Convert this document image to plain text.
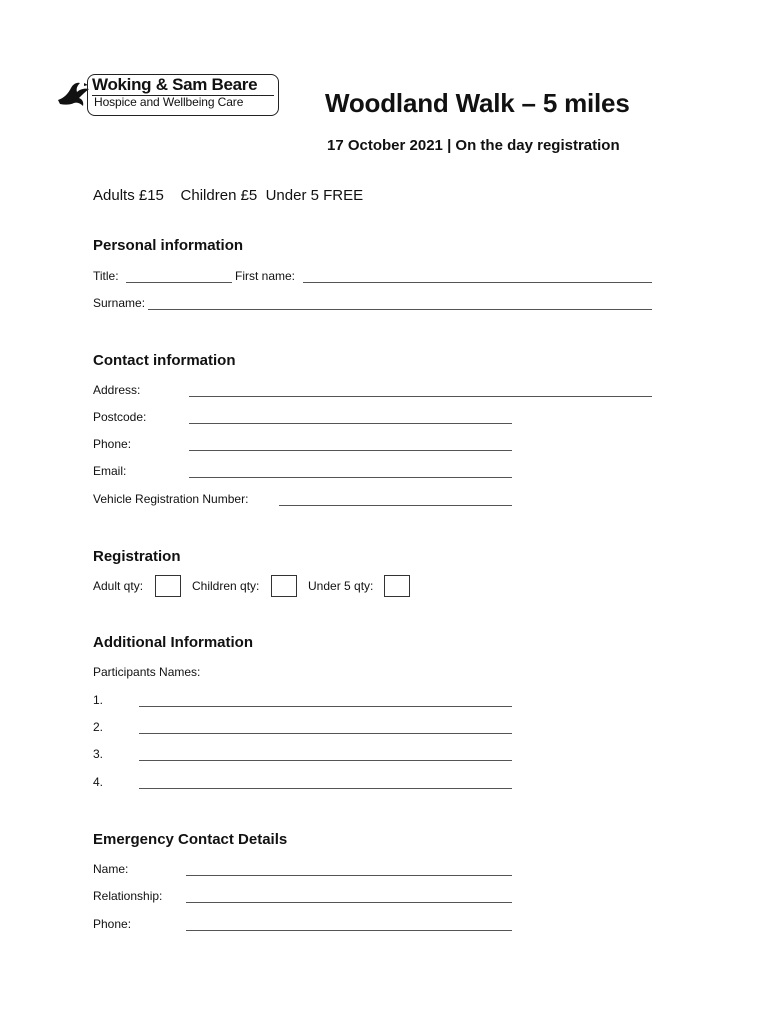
Woking & Sam Beare
Hospice and Wellbeing Care	Woodland Walk – 5 miles
17 October 2021 | On the day registration
Adults £15    Children £5  Under 5 FREE
Personal information
Title:	First name:
Surname:
Contact information
Address:
Postcode:
Phone:
Email:
Vehicle Registration Number:
Registration
Adult qty:	Children qty:	Under 5 qty:
Additional Information
Participants Names:
1.
2.
3.
4.
Emergency Contact Details
Name:
Relationship:
Phone:
